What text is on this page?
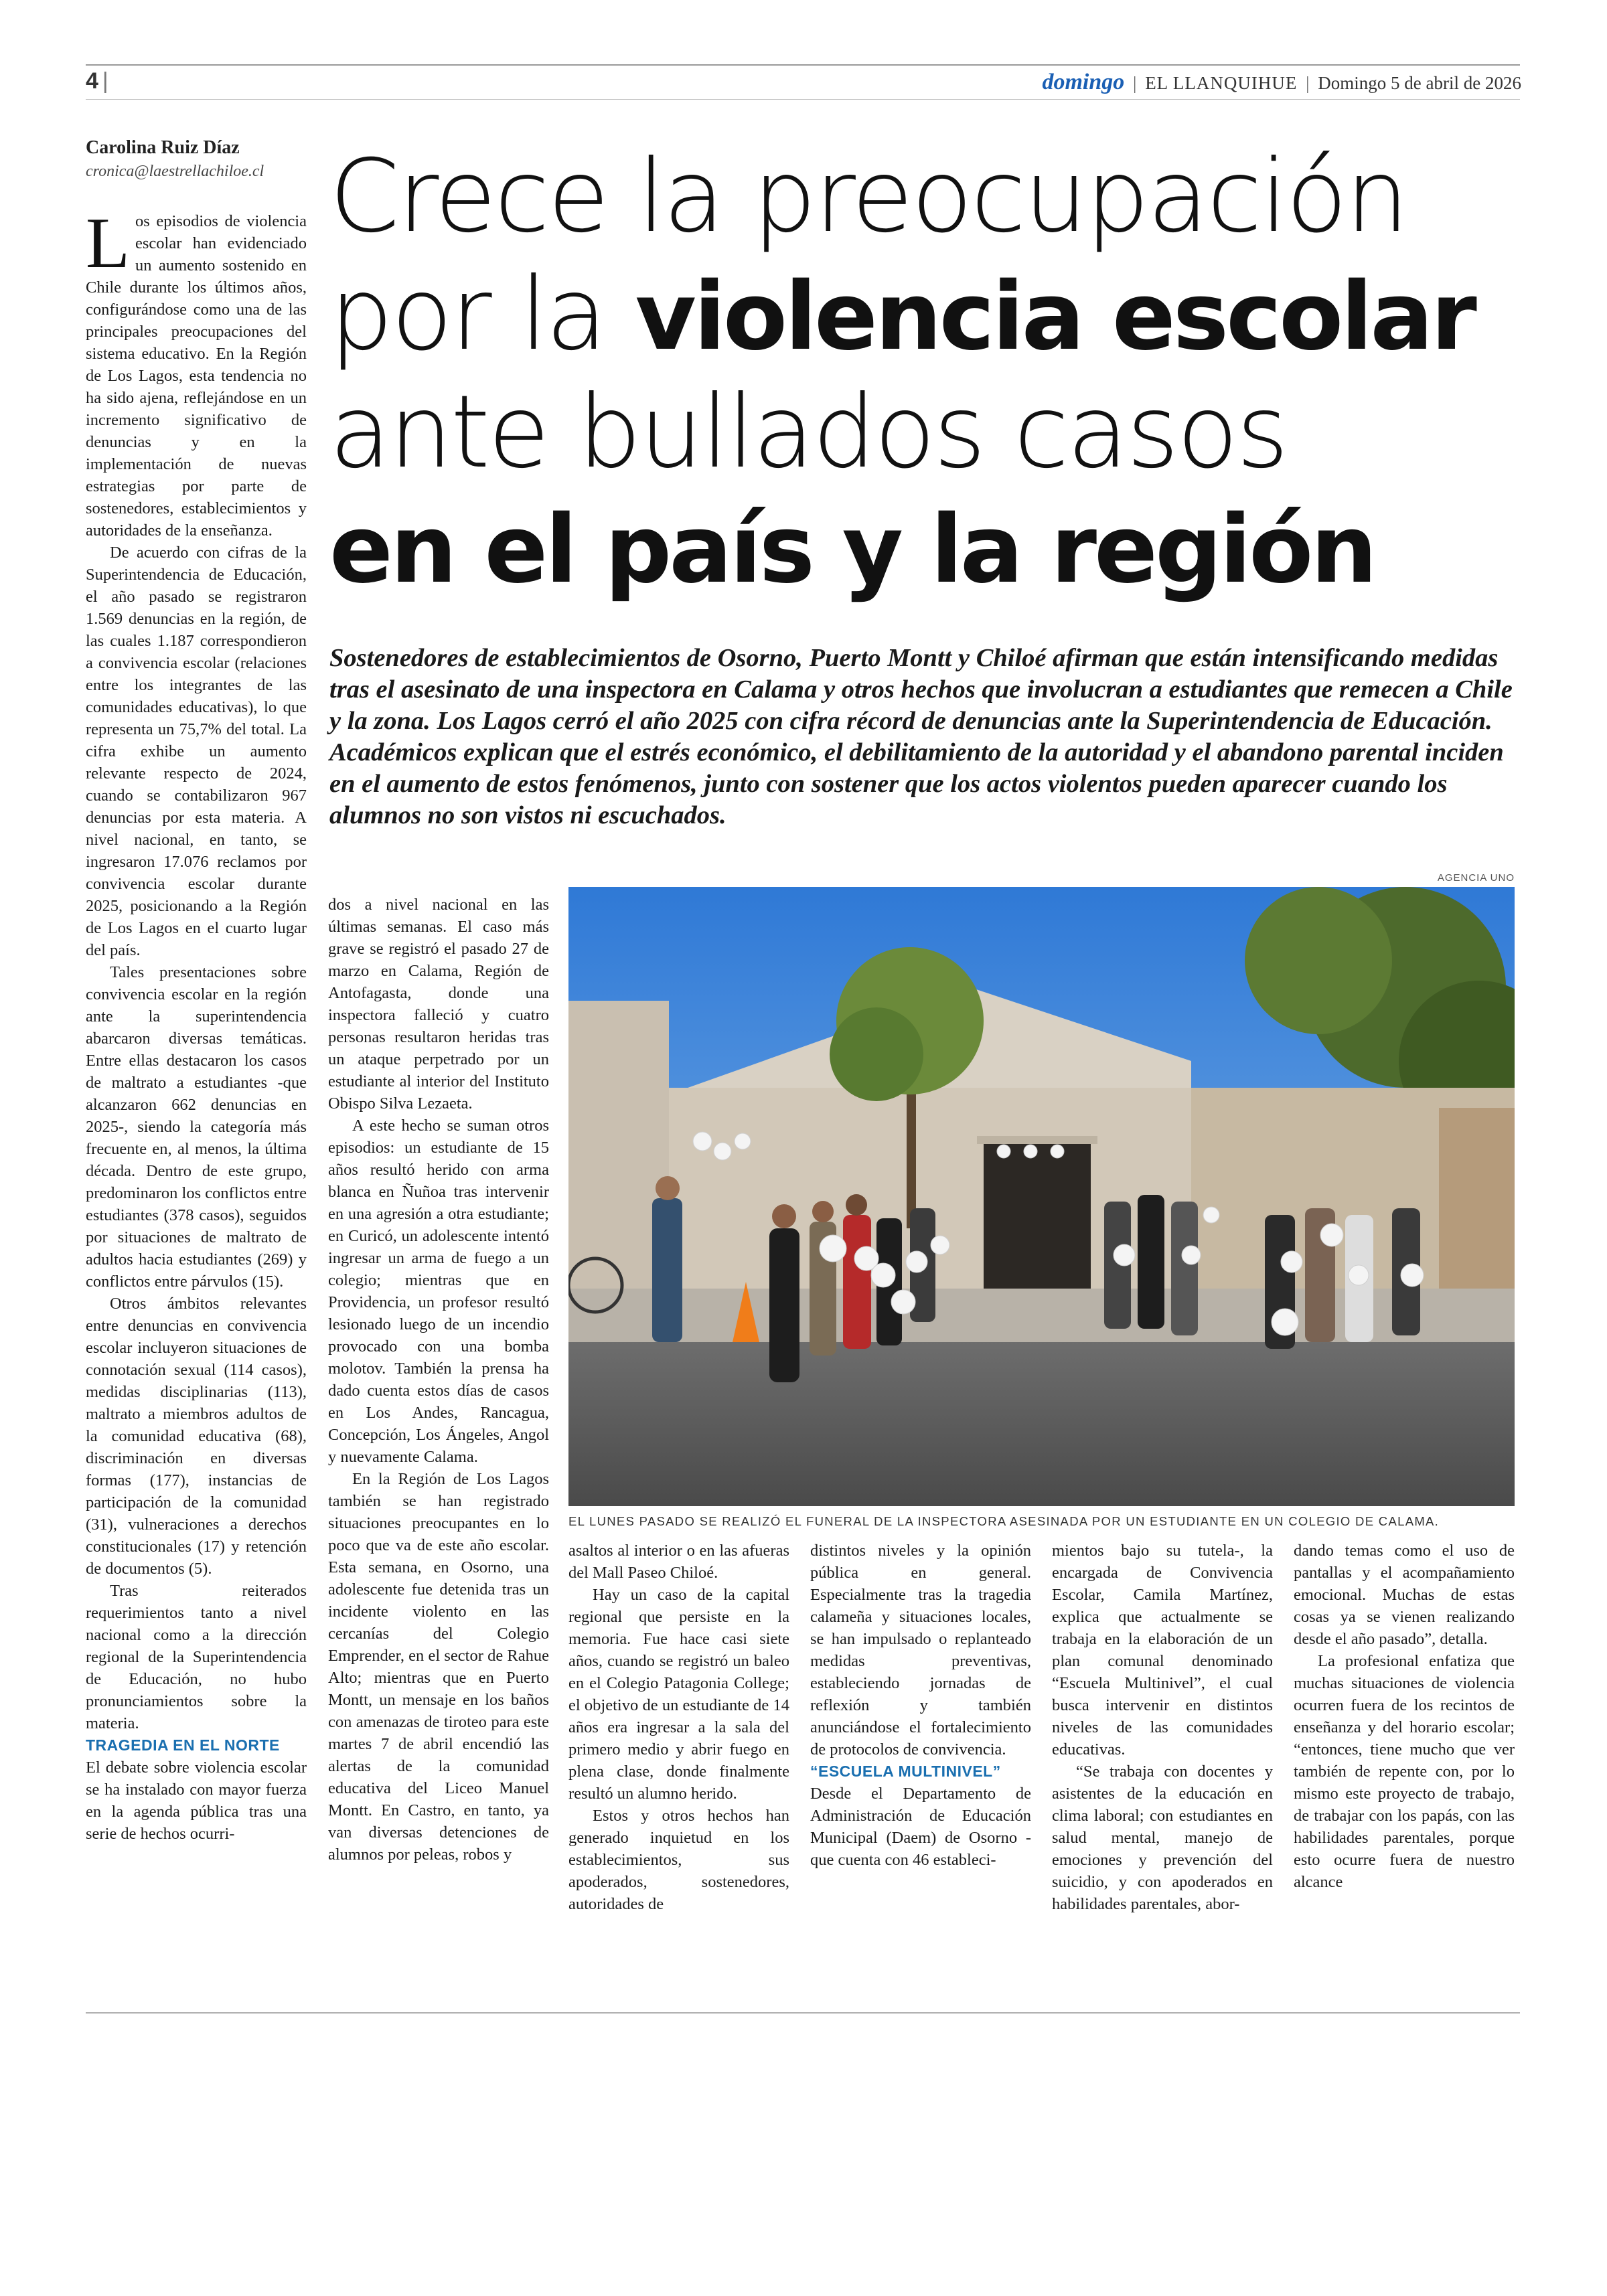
4 |	domingo | EL LLANQUIHUE | Domingo 5 de abril de 2026
Carolina Ruiz Díaz
cronica@laestrellachiloe.cl Crece la preocupación
por la violencia escolar
ante bullados casos
en el país y la región
Sostenedores de establecimientos de Osorno, Puerto Montt y Chiloé afirman que están intensificando medidas tras el asesinato de una inspectora en Calama y otros hechos que involucran a estudiantes que remecen a Chile y la zona. Los Lagos cerró el año 2025 con cifra récord de denuncias ante la Superintendencia de Educación. Académicos explican que el estrés económico, el debilitamiento de la autoridad y el abandono parental inciden en el aumento de estos fenómenos, junto con sostener que los actos violentos pueden aparecer cuando los alumnos no son vistos ni escuchados.

Los episodios de violencia escolar han evidenciado un aumento sostenido en Chile durante los últimos años, configurándose como una de las principales preocupaciones del sistema educativo. En la Región de Los Lagos, esta tendencia no ha sido ajena, reflejándose en un incremento significativo de denuncias y en la implementación de nuevas estrategias por parte de sostenedores, establecimientos y autoridades de la enseñanza.

De acuerdo con cifras de la Superintendencia de Educación, el año pasado se registraron 1.569 denuncias en la región, de las cuales 1.187 correspondieron a convivencia escolar (relaciones entre los integrantes de las comunidades educativas), lo que representa un 75,7% del total. La cifra exhibe un aumento relevante respecto de 2024, cuando se contabilizaron 967 denuncias por esta materia. A nivel nacional, en tanto, se ingresaron 17.076 reclamos por convivencia escolar durante 2025, posicionando a la Región de Los Lagos en el cuarto lugar del país.

Tales presentaciones sobre convivencia escolar en la región ante la superintendencia abarcaron diversas temáticas. Entre ellas destacaron los casos de maltrato a estudiantes -que alcanzaron 662 denuncias en 2025-, siendo la categoría más frecuente en, al menos, la última década. Dentro de este grupo, predominaron los conflictos entre estudiantes (378 casos), seguidos por situaciones de maltrato de adultos hacia estudiantes (269) y conflictos entre párvulos (15).

Otros ámbitos relevantes entre denuncias en convivencia escolar incluyeron situaciones de connotación sexual (114 casos), medidas disciplinarias (113), maltrato a miembros adultos de la comunidad educativa (68), discriminación en diversas formas (177), instancias de participación de la comunidad (31), vulneraciones a derechos constitucionales (17) y retención de documentos (5).

Tras reiterados requerimientos tanto a nivel nacional como a la dirección regional de la Superintendencia de Educación, no hubo pronunciamientos sobre la materia.

TRAGEDIA EN EL NORTE

El debate sobre violencia escolar se ha instalado con mayor fuerza en la agenda pública tras una serie de hechos ocurri-

AGENCIA UNO
EL LUNES PASADO SE REALIZÓ EL FUNERAL DE LA INSPECTORA ASESINADA POR UN ESTUDIANTE EN UN COLEGIO DE CALAMA.

dos a nivel nacional en las últimas semanas. El caso más grave se registró el pasado 27 de marzo en Calama, Región de Antofagasta, donde una inspectora falleció y cuatro personas resultaron heridas tras un ataque perpetrado por un estudiante al interior del Instituto Obispo Silva Lezaeta.

A este hecho se suman otros episodios: un estudiante de 15 años resultó herido con arma blanca en Ñuñoa tras intervenir en una agresión a otra estudiante; en Curicó, un adolescente intentó ingresar un arma de fuego a un colegio; mientras que en Providencia, un profesor resultó lesionado luego de un incendio provocado con una bomba molotov. También la prensa ha dado cuenta estos días de casos en Los Andes, Rancagua, Concepción, Los Ángeles, Angol y nuevamente Calama.

En la Región de Los Lagos también se han registrado situaciones preocupantes en lo poco que va de este año escolar. Esta semana, en Osorno, una adolescente fue detenida tras un incidente violento en las cercanías del Colegio Emprender, en el sector de Rahue Alto; mientras que en Puerto Montt, un mensaje en los baños con amenazas de tiroteo para este martes 7 de abril encendió las alertas de la comunidad educativa del Liceo Manuel Montt. En Castro, en tanto, ya van diversas detenciones de alumnos por peleas, robos y

asaltos al interior o en las afueras del Mall Paseo Chiloé.

Hay un caso de la capital regional que persiste en la memoria. Fue hace casi siete años, cuando se registró un baleo en el Colegio Patagonia College; el objetivo de un estudiante de 14 años era ingresar a la sala del primero medio y abrir fuego en plena clase, donde finalmente resultó un alumno herido.

Estos y otros hechos han generado inquietud en los establecimientos, sus apoderados, sostenedores, autoridades de

distintos niveles y la opinión pública en general. Especialmente tras la tragedia calameña y situaciones locales, se han impulsado o replanteado medidas preventivas, estableciendo jornadas de reflexión y también anunciándose el fortalecimiento de protocolos de convivencia.

“ESCUELA MULTINIVEL”

Desde el Departamento de Administración de Educación Municipal (Daem) de Osorno -que cuenta con 46 estableci-

mientos bajo su tutela-, la encargada de Convivencia Escolar, Camila Martínez, explica que actualmente se trabaja en la elaboración de un plan comunal denominado “Escuela Multinivel”, el cual busca intervenir en distintos niveles de las comunidades educativas.

“Se trabaja con docentes y asistentes de la educación en clima laboral; con estudiantes en salud mental, manejo de emociones y prevención del suicidio, y con apoderados en habilidades parentales, abor-

dando temas como el uso de pantallas y el acompañamiento emocional. Muchas de estas cosas ya se vienen realizando desde el año pasado”, detalla.

La profesional enfatiza que muchas situaciones de violencia ocurren fuera de los recintos de enseñanza y del horario escolar; “entonces, tiene mucho que ver también de repente con, por lo mismo este proyecto de trabajo, de trabajar con los papás, con las habilidades parentales, porque esto ocurre fuera de nuestro alcance
